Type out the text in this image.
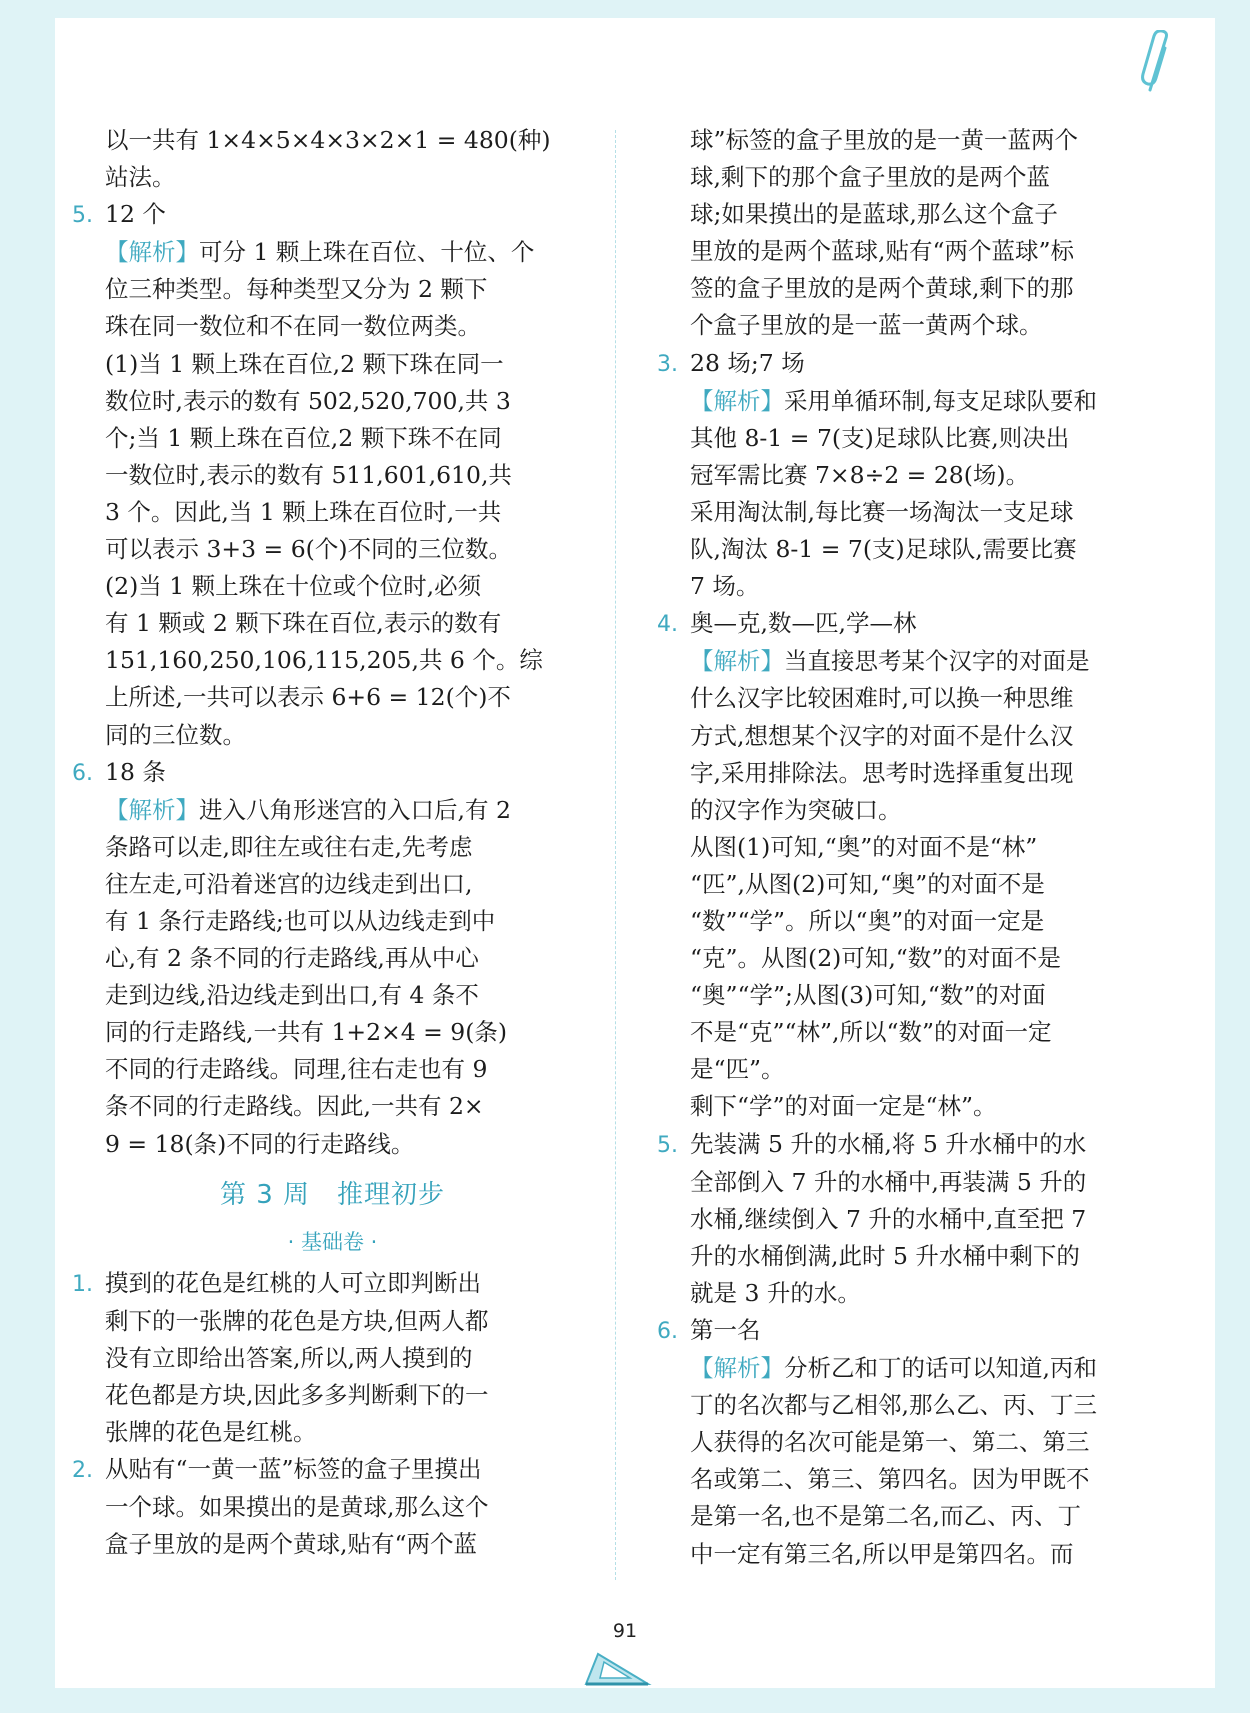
以一共有 1×4×5×4×3×2×1 = 480(种)

站法。

5. 12 个

【解析】可分 1 颗上珠在百位、十位、个

位三种类型。每种类型又分为 2 颗下

珠在同一数位和不在同一数位两类。

(1)当 1 颗上珠在百位,2 颗下珠在同一

数位时,表示的数有 502,520,700,共 3

个;当 1 颗上珠在百位,2 颗下珠不在同

一数位时,表示的数有 511,601,610,共

3 个。因此,当 1 颗上珠在百位时,一共

可以表示 3+3 = 6(个)不同的三位数。

(2)当 1 颗上珠在十位或个位时,必须

有 1 颗或 2 颗下珠在百位,表示的数有

151,160,250,106,115,205,共 6 个。综

上所述,一共可以表示 6+6 = 12(个)不

同的三位数。

6. 18 条

【解析】进入八角形迷宫的入口后,有 2

条路可以走,即往左或往右走,先考虑

往左走,可沿着迷宫的边线走到出口,

有 1 条行走路线;也可以从边线走到中

心,有 2 条不同的行走路线,再从中心

走到边线,沿边线走到出口,有 4 条不

同的行走路线,一共有 1+2×4 = 9(条)

不同的行走路线。同理,往右走也有 9

条不同的行走路线。因此,一共有 2×

9 = 18(条)不同的行走路线。

第 3 周　推理初步
· 基础卷 ·

1. 摸到的花色是红桃的人可立即判断出

剩下的一张牌的花色是方块,但两人都

没有立即给出答案,所以,两人摸到的

花色都是方块,因此多多判断剩下的一

张牌的花色是红桃。

2. 从贴有“一黄一蓝”标签的盒子里摸出

一个球。如果摸出的是黄球,那么这个

盒子里放的是两个黄球,贴有“两个蓝

球”标签的盒子里放的是一黄一蓝两个

球,剩下的那个盒子里放的是两个蓝

球;如果摸出的是蓝球,那么这个盒子

里放的是两个蓝球,贴有“两个蓝球”标

签的盒子里放的是两个黄球,剩下的那

个盒子里放的是一蓝一黄两个球。

3. 28 场;7 场

【解析】采用单循环制,每支足球队要和

其他 8-1 = 7(支)足球队比赛,则决出

冠军需比赛 7×8÷2 = 28(场)。

采用淘汰制,每比赛一场淘汰一支足球

队,淘汰 8-1 = 7(支)足球队,需要比赛

7 场。

4. 奥—克,数—匹,学—林

【解析】当直接思考某个汉字的对面是

什么汉字比较困难时,可以换一种思维

方式,想想某个汉字的对面不是什么汉

字,采用排除法。思考时选择重复出现

的汉字作为突破口。

从图(1)可知,“奥”的对面不是“林”

“匹”,从图(2)可知,“奥”的对面不是

“数”“学”。所以“奥”的对面一定是

“克”。从图(2)可知,“数”的对面不是

“奥”“学”;从图(3)可知,“数”的对面

不是“克”“林”,所以“数”的对面一定

是“匹”。

剩下“学”的对面一定是“林”。

5. 先装满 5 升的水桶,将 5 升水桶中的水

全部倒入 7 升的水桶中,再装满 5 升的

水桶,继续倒入 7 升的水桶中,直至把 7

升的水桶倒满,此时 5 升水桶中剩下的

就是 3 升的水。

6. 第一名

【解析】分析乙和丁的话可以知道,丙和

丁的名次都与乙相邻,那么乙、丙、丁三

人获得的名次可能是第一、第二、第三

名或第二、第三、第四名。因为甲既不

是第一名,也不是第二名,而乙、丙、丁

中一定有第三名,所以甲是第四名。而

91
